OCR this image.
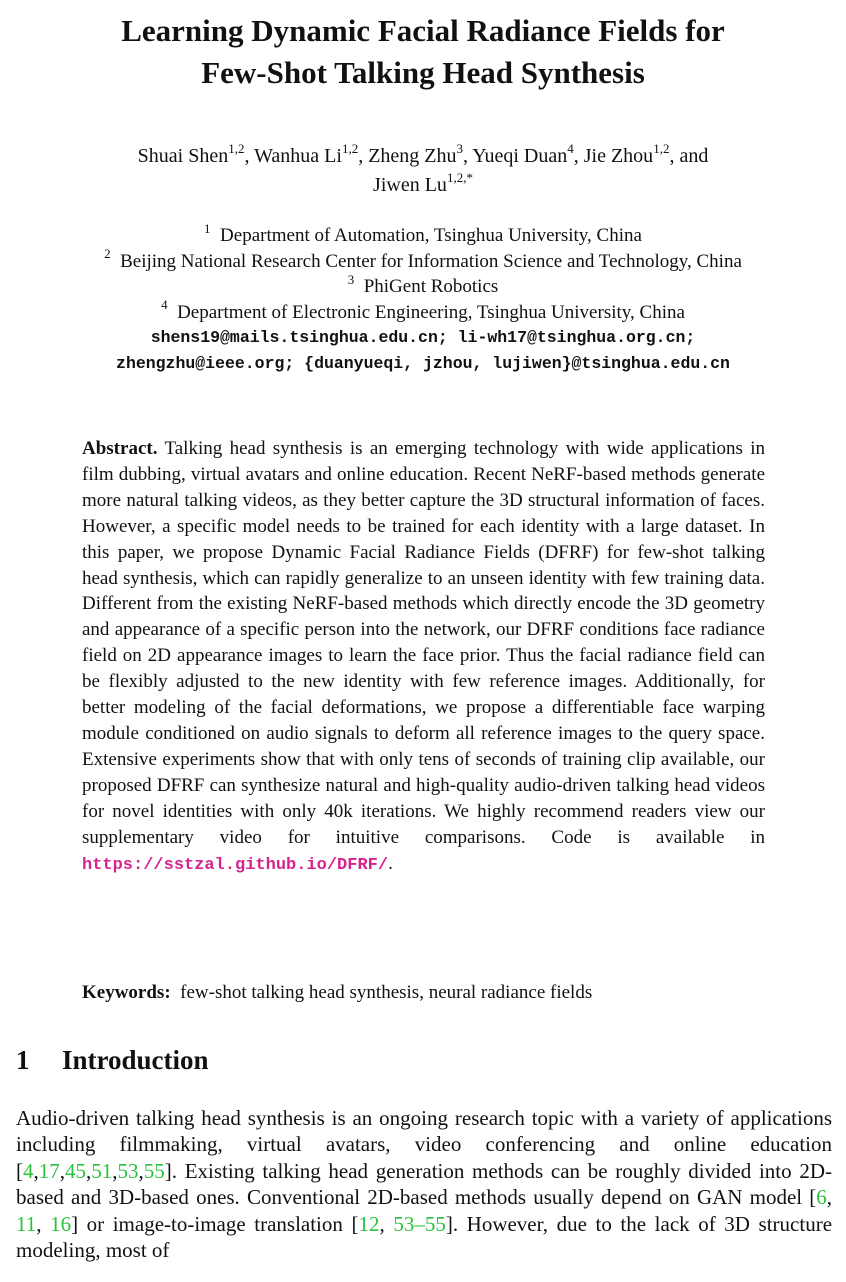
Learning Dynamic Facial Radiance Fields for
Few-Shot Talking Head Synthesis
Shuai Shen$^{1,2}$, Wanhua Li$^{1,2}$, Zheng Zhu$^3$, Yueqi Duan$^4$, Jie Zhou$^{1,2}$, and
Jiwen $Lu^{1,2,*}$
$^1$ Department of Automation, Tsinghua University, China
$^2$ Beijing National Research Center for Information Science and Technology, China
$^3$ PhiGent Robotics
$^4$ Department of Electronic Engineering, Tsinghua University, China
shens19@mails.tsinghua.edu.cn; li-wh17@tsinghua.org.cn;
zhengzhu@ieee.org; {duanyueqi, jzhou, lujiwen}@tsinghua.edu.cn
Abstract. Talking head synthesis is an emerging technology with wide applications in film dubbing, virtual avatars and online education. Recent NeRF-based methods generate more natural talking videos, as they better capture the 3D structural information of faces. However, a specific model needs to be trained for each identity with a large dataset. In this paper, we propose Dynamic Facial Radiance Fields (DFRF) for few-shot talking head synthesis, which can rapidly generalize to an unseen identity with few training data. Different from the existing NeRF-based methods which directly encode the 3D geometry and appearance of a specific person into the network, our DFRF conditions face radiance field on 2D appearance images to learn the face prior. Thus the facial radiance field can be flexibly adjusted to the new identity with few reference images. Additionally, for better modeling of the facial deformations, we propose a differentiable face warping module conditioned on audio signals to deform all reference images to the query space. Extensive experiments show that with only tens of seconds of training clip available, our proposed DFRF can synthesize natural and high-quality audio-driven talking head videos for novel identities with only 40k iterations. We highly recommend readers view our supplementary video for intuitive comparisons. Code is available in https://sstzal.github.io/DFRF/.
Keywords: few-shot talking head synthesis, neural radiance fields
1 Introduction
Audio-driven talking head synthesis is an ongoing research topic with a variety of applications including filmmaking, virtual avatars, video conferencing and online education [4,17,45,51,53,55]. Existing talking head generation methods can be roughly divided into 2D-based and 3D-based ones. Conventional 2D-based methods usually depend on GAN model [6, 11, 16] or image-to-image translation [12, 53–55]. However, due to the lack of 3D structure modeling, most of
